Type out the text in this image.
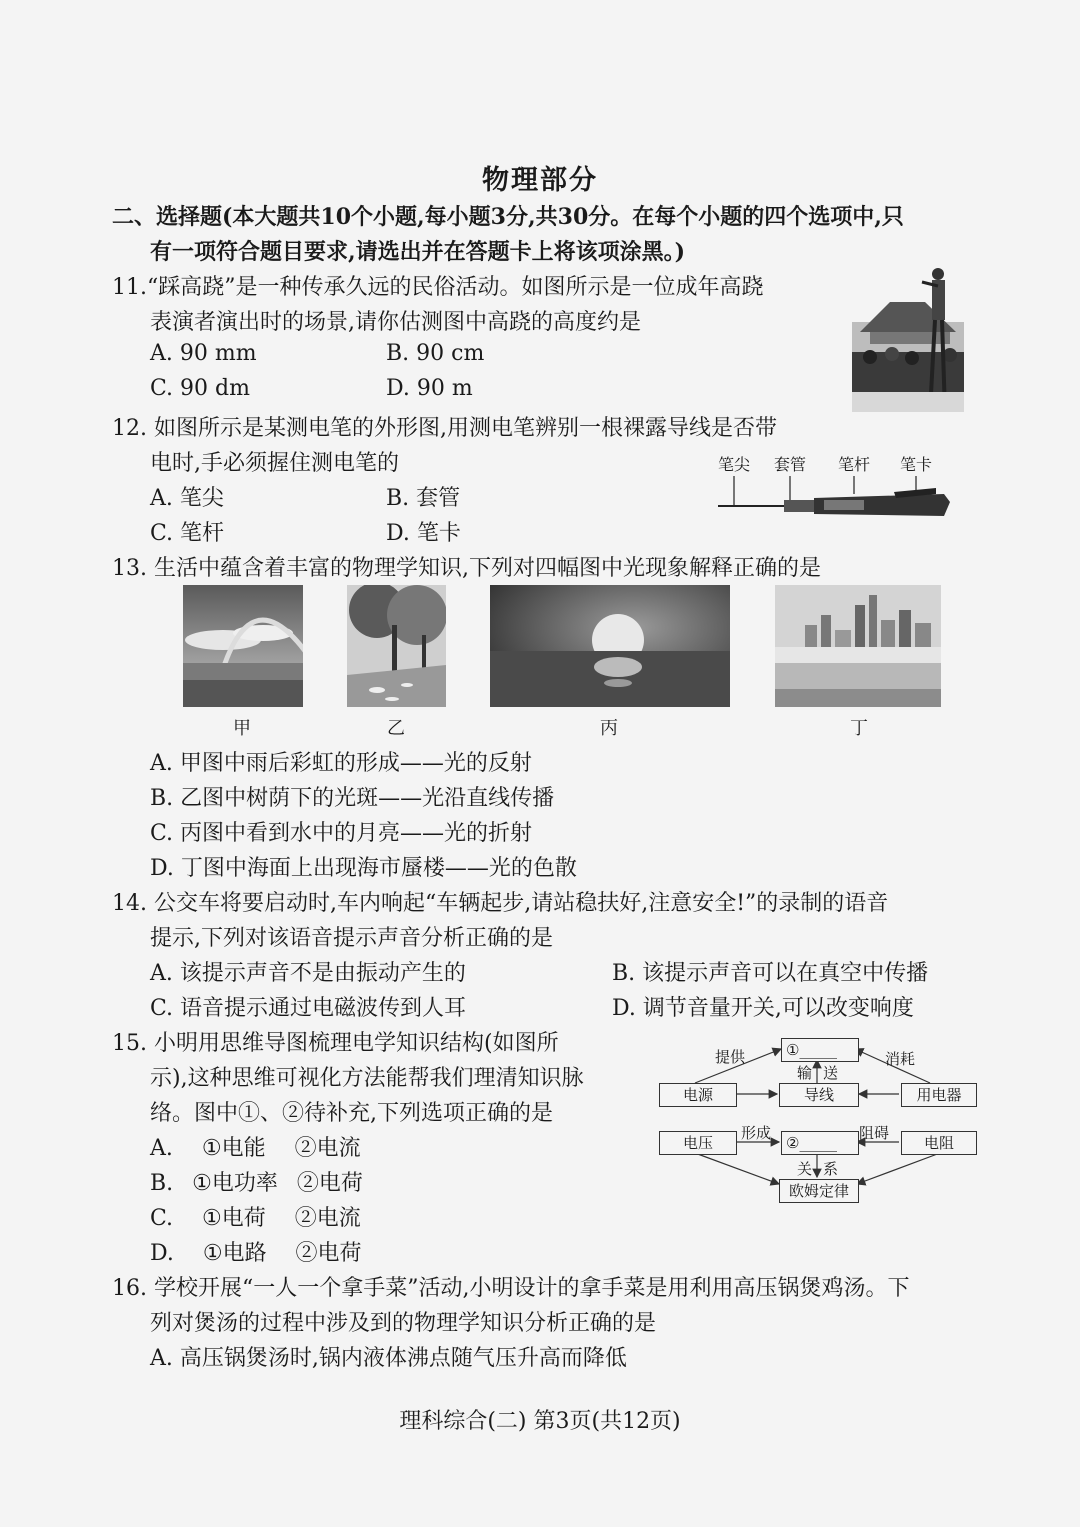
物理部分
二、选择题(本大题共10个小题,每小题3分,共30分。在每个小题的四个选项中,只
有一项符合题目要求,请选出并在答题卡上将该项涂黑。)
11.“踩高跷”是一种传承久远的民俗活动。如图所示是一位成年高跷
表演者演出时的场景,请你估测图中高跷的高度约是
A. 90 mm	B. 90 cm
C. 90 dm	D. 90 m
12. 如图所示是某测电笔的外形图,用测电笔辨别一根裸露导线是否带
电时,手必须握住测电笔的
A. 笔尖	B. 套管
C. 笔杆	D. 笔卡
笔尖 套管 笔杆 笔卡
13. 生活中蕴含着丰富的物理学知识,下列对四幅图中光现象解释正确的是
甲	乙	丙	丁
A. 甲图中雨后彩虹的形成——光的反射
B. 乙图中树荫下的光斑——光沿直线传播
C. 丙图中看到水中的月亮——光的折射
D. 丁图中海面上出现海市蜃楼——光的色散
14. 公交车将要启动时,车内响起“车辆起步,请站稳扶好,注意安全!”的录制的语音
提示,下列对该语音提示声音分析正确的是
A. 该提示声音不是由振动产生的	B. 该提示声音可以在真空中传播
C. 语音提示通过电磁波传到人耳	D. 调节音量开关,可以改变响度
15. 小明用思维导图梳理电学知识结构(如图所
示),这种思维可视化方法能帮我们理清知识脉
络。图中①、②待补充,下列选项正确的是
A. ①电能 ②电流
B. ①电功率 ②电荷
C. ①电荷 ②电流
D. ①电路 ②电荷
①_____
电源	导线	用电器
电压	②_____	电阻
欧姆定律
提供	消耗
输 送
形成	阻碍
关 系
16. 学校开展“一人一个拿手菜”活动,小明设计的拿手菜是用利用高压锅煲鸡汤。下
列对煲汤的过程中涉及到的物理学知识分析正确的是
A. 高压锅煲汤时,锅内液体沸点随气压升高而降低
理科综合(二) 第3页(共12页)
